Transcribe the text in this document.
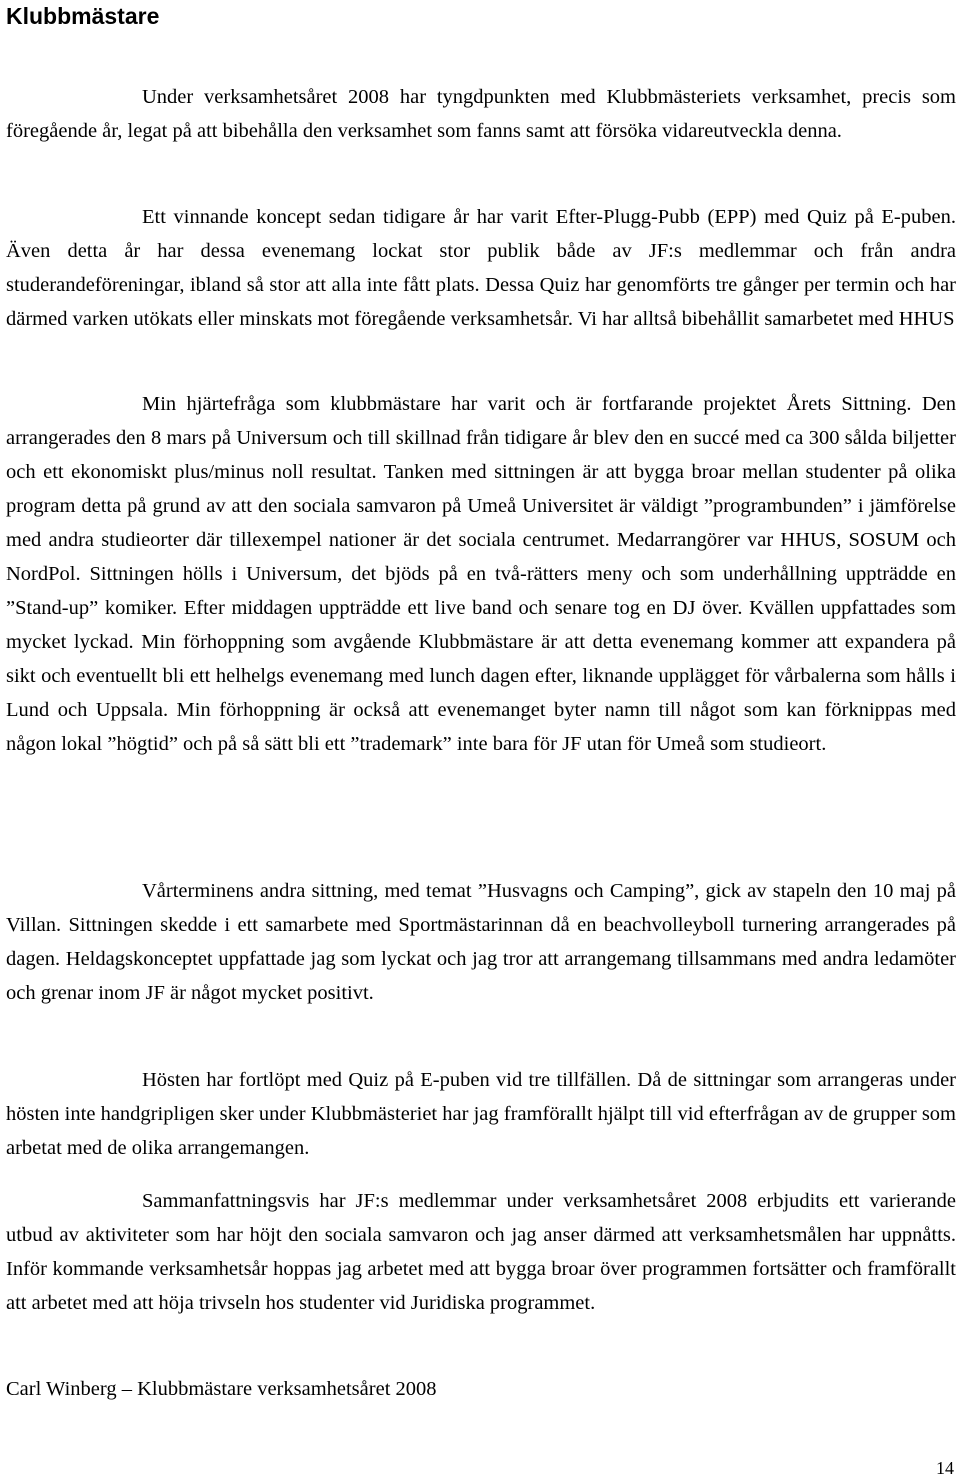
Klubbmästare

Under verksamhetsåret 2008 har tyngdpunkten med Klubbmästeriets verksamhet, precis som föregående år, legat på att bibehålla den verksamhet som fanns samt att försöka vidareutveckla denna.

Ett vinnande koncept sedan tidigare år har varit Efter-Plugg-Pubb (EPP) med Quiz på E-puben. Även detta år har dessa evenemang lockat stor publik både av JF:s medlemmar och från andra studerandeföreningar, ibland så stor att alla inte fått plats. Dessa Quiz har genomförts tre gånger per termin och har därmed varken utökats eller minskats mot föregående verksamhetsår. Vi har alltså bibehållit samarbetet med HHUS

Min hjärtefråga som klubbmästare har varit och är fortfarande projektet Årets Sittning. Den arrangerades den 8 mars på Universum och till skillnad från tidigare år blev den en succé med ca 300 sålda biljetter och ett ekonomiskt plus/minus noll resultat. Tanken med sittningen är att bygga broar mellan studenter på olika program detta på grund av att den sociala samvaron på Umeå Universitet är väldigt ”programbunden” i jämförelse med andra studieorter där tillexempel nationer är det sociala centrumet. Medarrangörer var HHUS, SOSUM och NordPol. Sittningen hölls i Universum, det bjöds på en två-rätters meny och som underhållning uppträdde en ”Stand-up” komiker. Efter middagen uppträdde ett live band och senare tog en DJ över. Kvällen uppfattades som mycket lyckad. Min förhoppning som avgående Klubbmästare är att detta evenemang kommer att expandera på sikt och eventuellt bli ett helhelgs evenemang med lunch dagen efter, liknande upplägget för vårbalerna som hålls i Lund och Uppsala. Min förhoppning är också att evenemanget byter namn till något som kan förknippas med någon lokal ”högtid” och på så sätt bli ett ”trademark” inte bara för JF utan för Umeå som studieort.

Vårterminens andra sittning, med temat ”Husvagns och Camping”, gick av stapeln den 10 maj på Villan. Sittningen skedde i ett samarbete med Sportmästarinnan då en beachvolleyboll turnering arrangerades på dagen. Heldagskonceptet uppfattade jag som lyckat och jag tror att arrangemang tillsammans med andra ledamöter och grenar inom JF är något mycket positivt.

Hösten har fortlöpt med Quiz på E-puben vid tre tillfällen. Då de sittningar som arrangeras under hösten inte handgripligen sker under Klubbmästeriet har jag framförallt hjälpt till vid efterfrågan av de grupper som arbetat med de olika arrangemangen.

Sammanfattningsvis har JF:s medlemmar under verksamhetsåret 2008 erbjudits ett varierande utbud av aktiviteter som har höjt den sociala samvaron och jag anser därmed att verksamhetsmålen har uppnåtts. Inför kommande verksamhetsår hoppas jag arbetet med att bygga broar över programmen fortsätter och framförallt att arbetet med att höja trivseln hos studenter vid Juridiska programmet.

Carl Winberg – Klubbmästare verksamhetsåret 2008

14
